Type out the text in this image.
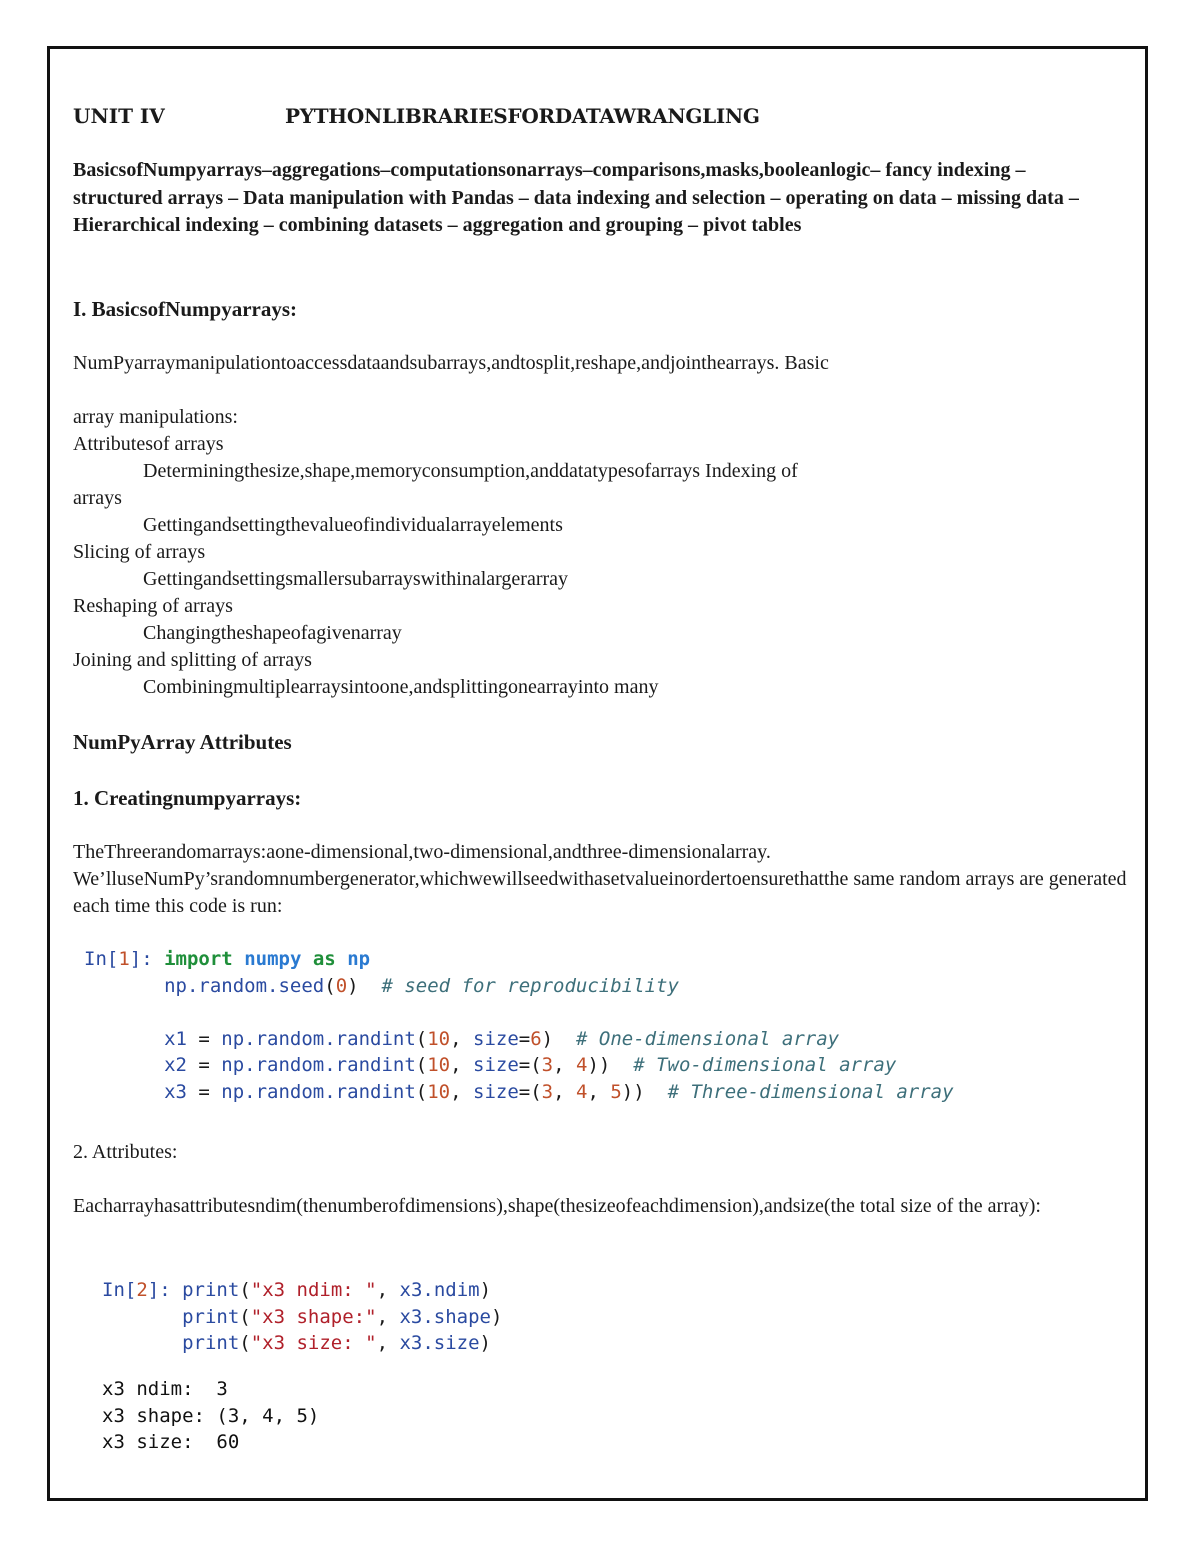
UNIT IV	PYTHONLIBRARIESFORDATAWRANGLING
BasicsofNumpyarrays–aggregations–computationsonarrays–comparisons,masks,booleanlogic– fancy indexing – structured arrays – Data manipulation with Pandas – data indexing and selection – operating on data – missing data – Hierarchical indexing – combining datasets – aggregation and grouping – pivot tables
I. BasicsofNumpyarrays:
NumPyarraymanipulationtoaccessdataandsubarrays,andtosplit,reshape,andjointhearrays. Basic
array manipulations:
Attributesof arrays
Determiningthesize,shape,memoryconsumption,anddatatypesofarrays Indexing of
arrays
Gettingandsettingthevalueofindividualarrayelements
Slicing of arrays
Gettingandsettingsmallersubarrayswithinalargerarray
Reshaping of arrays
Changingtheshapeofagivenarray
Joining and splitting of arrays
Combiningmultiplearraysintoone,andsplittingonearrayinto many
NumPyArray Attributes
1. Creatingnumpyarrays:
TheThreerandomarrays:aone-dimensional,two-dimensional,andthree-dimensionalarray.
We’lluseNumPy’srandomnumbergenerator,whichwewillseedwithasetvalueinordertoensurethatthe same random arrays are generated each time this code is run:
In[1]: import numpy as np
np.random.seed(0)  # seed for reproducibility

x1 = np.random.randint(10, size=6)  # One-dimensional array
x2 = np.random.randint(10, size=(3, 4))  # Two-dimensional array
x3 = np.random.randint(10, size=(3, 4, 5))  # Three-dimensional array
2. Attributes:
Eacharrayhasattributesndim(thenumberofdimensions),shape(thesizeofeachdimension),andsize(the total size of the array):
In[2]: print("x3 ndim: ", x3.ndim)
print("x3 shape:", x3.shape)
print("x3 size: ", x3.size)
x3 ndim:  3
x3 shape: (3, 4, 5)
x3 size:  60
